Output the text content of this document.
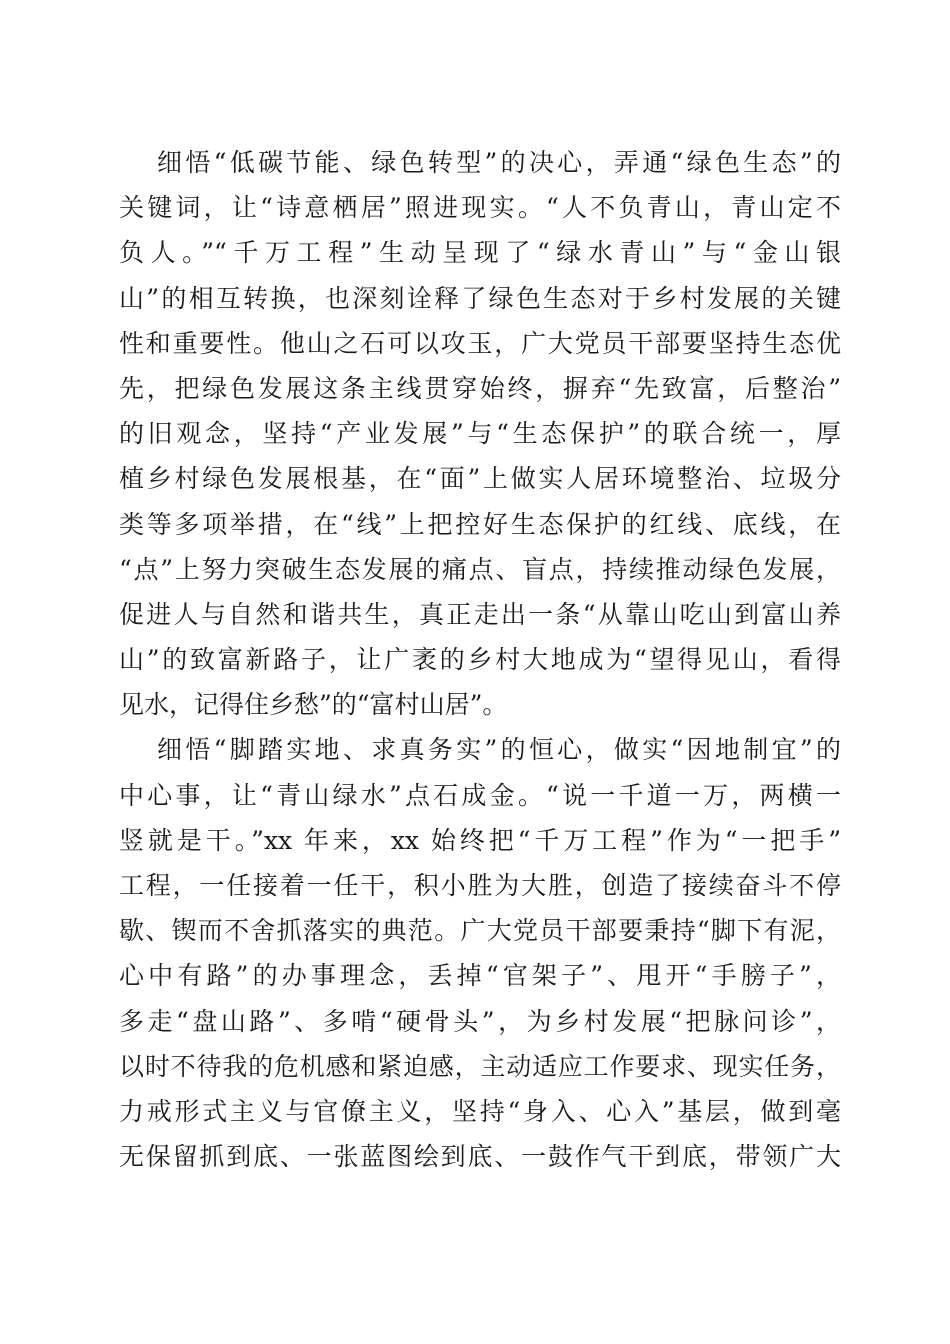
细悟“低碳节能、绿色转型”的决心，弄通“绿色生态”的
关键词，让“诗意栖居”照进现实。“人不负青山，青山定不
负人。”“千万工程”生动呈现了“绿水青山”与“金山银
山”的相互转换，也深刻诠释了绿色生态对于乡村发展的关键
性和重要性。他山之石可以攻玉，广大党员干部要坚持生态优
先，把绿色发展这条主线贯穿始终，摒弃“先致富，后整治”
的旧观念，坚持“产业发展”与“生态保护”的联合统一，厚
植乡村绿色发展根基，在“面”上做实人居环境整治、垃圾分
类等多项举措，在“线”上把控好生态保护的红线、底线，在
“点”上努力突破生态发展的痛点、盲点，持续推动绿色发展，
促进人与自然和谐共生，真正走出一条“从靠山吃山到富山养
山”的致富新路子，让广袤的乡村大地成为“望得见山，看得
见水，记得住乡愁”的“富村山居”。
细悟“脚踏实地、求真务实”的恒心，做实“因地制宜”的
中心事，让“青山绿水”点石成金。“说一千道一万，两横一
竖就是干。”xx 年来，xx 始终把“千万工程”作为“一把手”
工程，一任接着一任干，积小胜为大胜，创造了接续奋斗不停
歇、锲而不舍抓落实的典范。广大党员干部要秉持“脚下有泥，
心中有路”的办事理念，丢掉“官架子”、甩开“手膀子”，
多走“盘山路”、多啃“硬骨头”，为乡村发展“把脉问诊”，
以时不待我的危机感和紧迫感，主动适应工作要求、现实任务，
力戒形式主义与官僚主义，坚持“身入、心入”基层，做到毫
无保留抓到底、一张蓝图绘到底、一鼓作气干到底，带领广大
